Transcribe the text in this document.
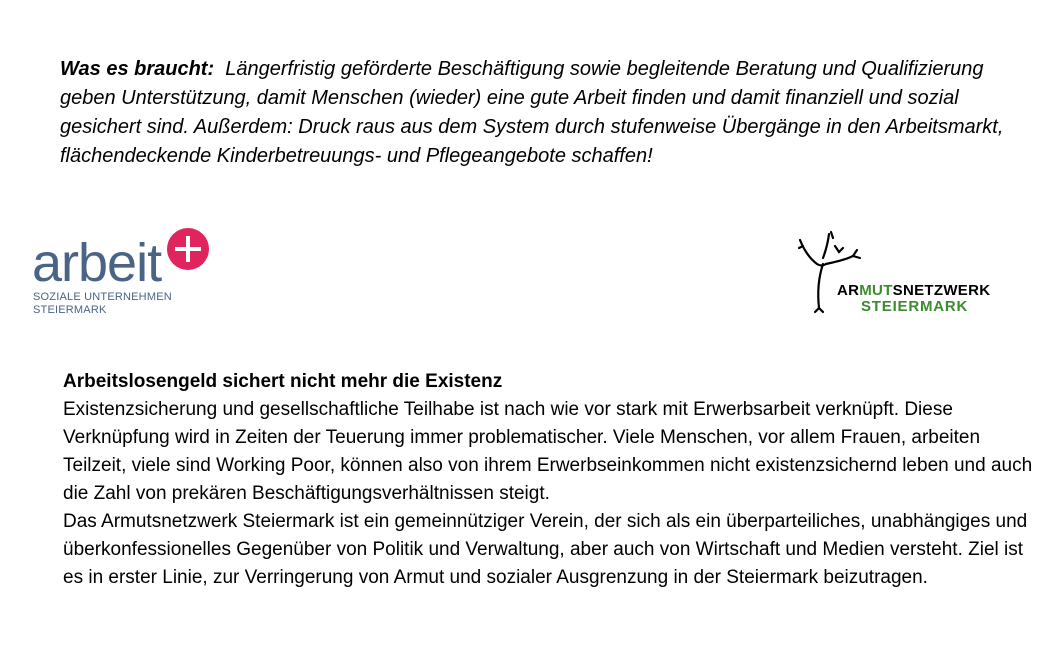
Was es braucht: Längerfristig geförderte Beschäftigung sowie begleitende Beratung und Qualifizierung geben Unterstützung, damit Menschen (wieder) eine gute Arbeit finden und damit finanziell und sozial gesichert sind. Außerdem: Druck raus aus dem System durch stufenweise Übergänge in den Arbeitsmarkt, flächendeckende Kinderbetreuungs- und Pflegeangebote schaffen!
arbeit
SOZIALE UNTERNEHMEN
STEIERMARK
ARMUTSNETZWERK
STEIERMARK

Arbeitslosengeld sichert nicht mehr die Existenz

Existenzsicherung und gesellschaftliche Teilhabe ist nach wie vor stark mit Erwerbsarbeit verknüpft. Diese Verknüpfung wird in Zeiten der Teuerung immer problematischer. Viele Menschen, vor allem Frauen, arbeiten Teilzeit, viele sind Working Poor, können also von ihrem Erwerbseinkommen nicht existenzsichernd leben und auch die Zahl von prekären Beschäftigungsverhältnissen steigt.

Das Armutsnetzwerk Steiermark ist ein gemeinnütziger Verein, der sich als ein überparteiliches, unabhängiges und überkonfessionelles Gegenüber von Politik und Verwaltung, aber auch von Wirtschaft und Medien versteht. Ziel ist es in erster Linie, zur Verringerung von Armut und sozialer Ausgrenzung in der Steiermark beizutragen.
